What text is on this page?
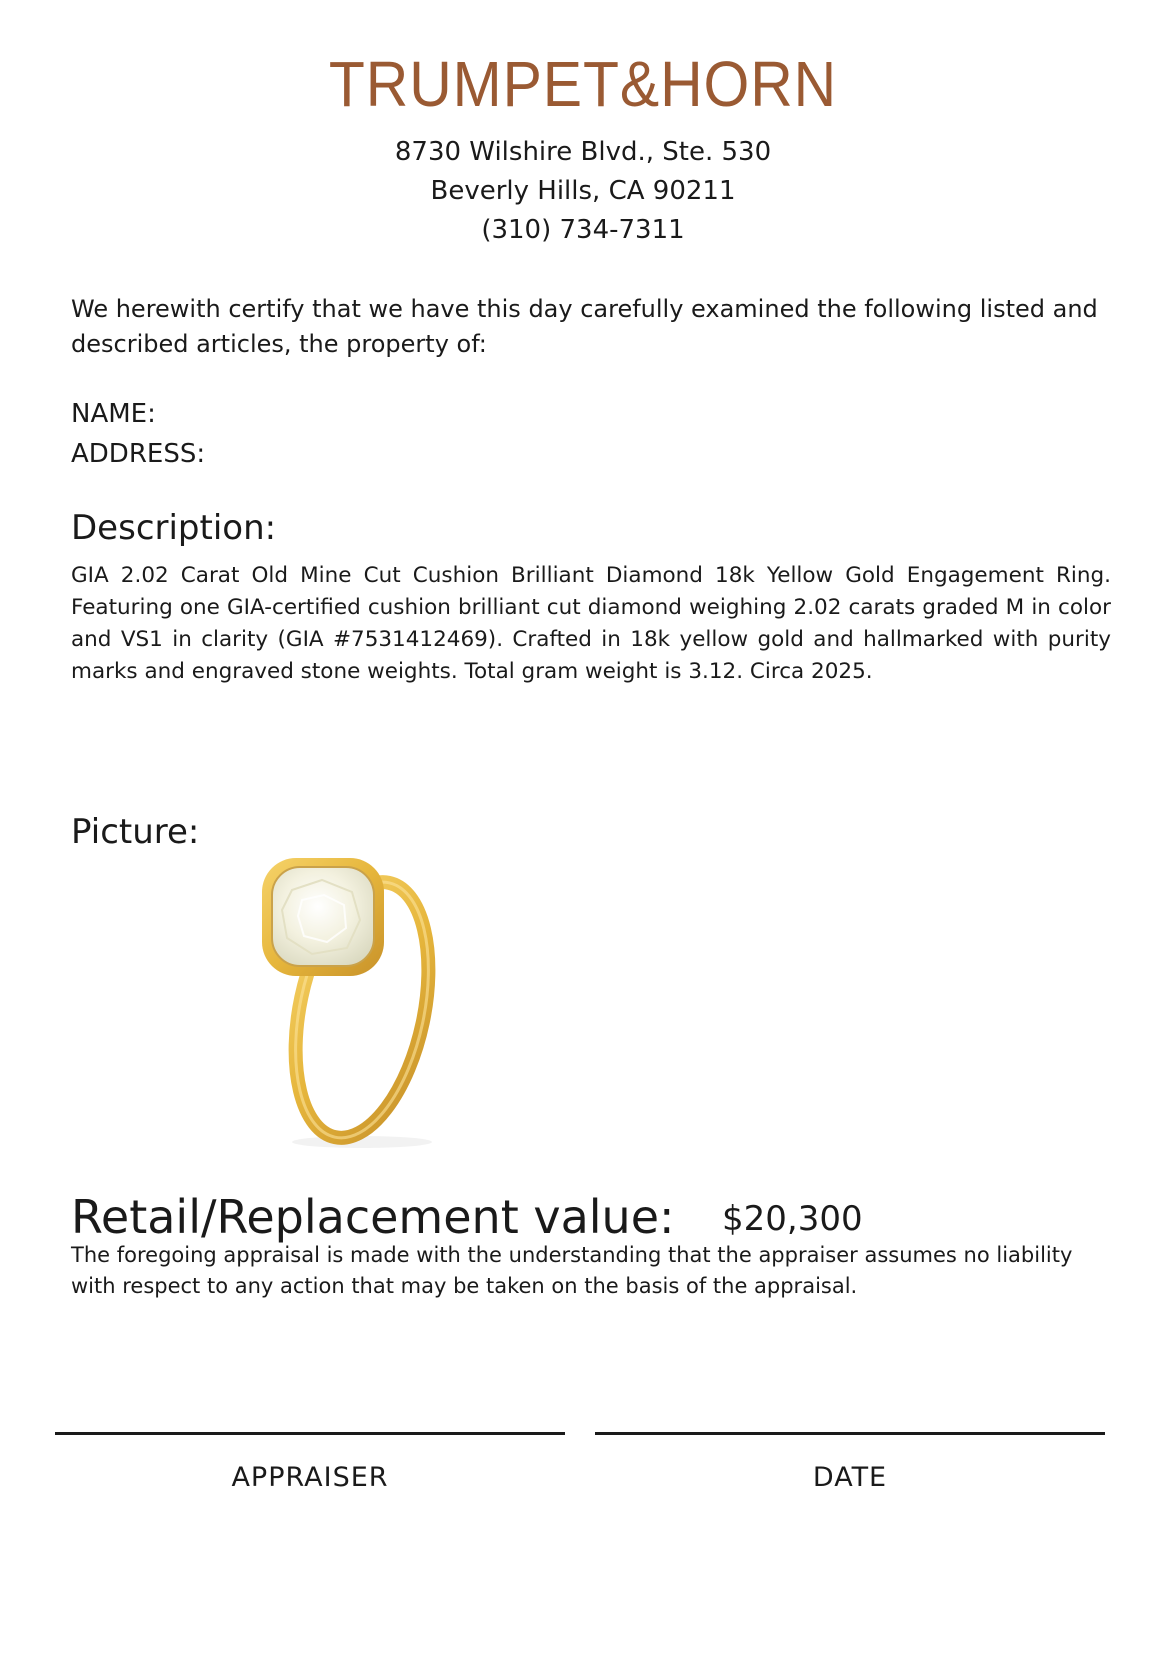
TRUMPET&HORN
8730 Wilshire Blvd., Ste. 530
Beverly Hills, CA 90211
(310) 734-7311

We herewith certify that we have this day carefully examined the following listed and described articles, the property of:

NAME:
ADDRESS:
Description:

GIA 2.02 Carat Old Mine Cut Cushion Brilliant Diamond 18k Yellow Gold Engagement Ring. Featuring one GIA-certified cushion brilliant cut diamond weighing 2.02 carats graded M in color and VS1 in clarity (GIA #7531412469). Crafted in 18k yellow gold and hallmarked with purity marks and engraved stone weights. Total gram weight is 3.12. Circa 2025.

Picture:
Retail/Replacement value: $20,300

The foregoing appraisal is made with the understanding that the appraiser assumes no liability with respect to any action that may be taken on the basis of the appraisal.

APPRAISER	DATE
